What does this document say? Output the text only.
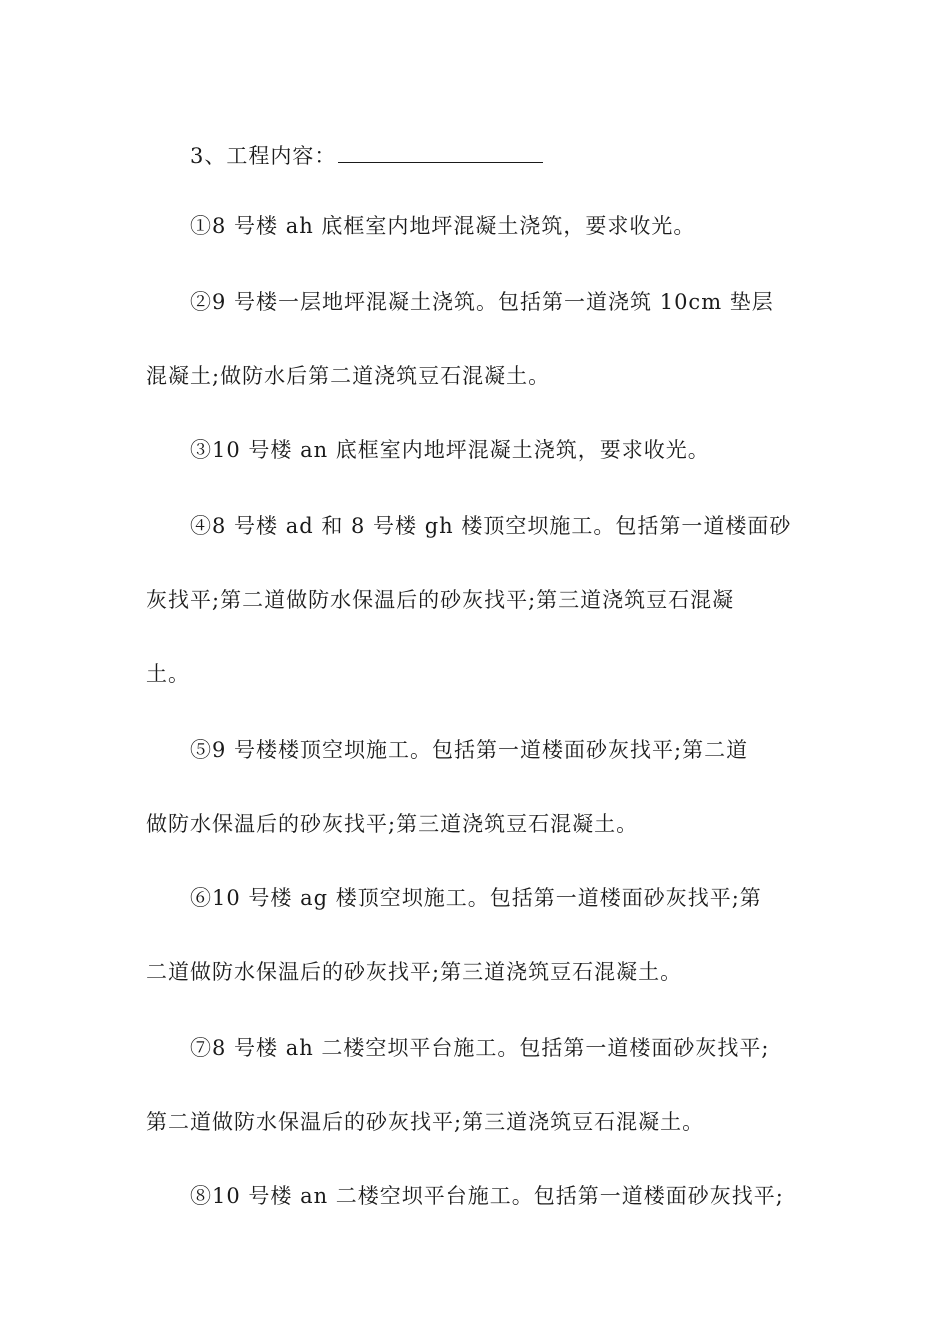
3、工程内容：
①8 号楼 ah 底框室内地坪混凝土浇筑，要求收光。
②9 号楼一层地坪混凝土浇筑。包括第一道浇筑 10cm 垫层
混凝土;做防水后第二道浇筑豆石混凝土。
③10 号楼 an 底框室内地坪混凝土浇筑，要求收光。
④8 号楼 ad 和 8 号楼 gh 楼顶空坝施工。包括第一道楼面砂
灰找平;第二道做防水保温后的砂灰找平;第三道浇筑豆石混凝
土。
⑤9 号楼楼顶空坝施工。包括第一道楼面砂灰找平;第二道
做防水保温后的砂灰找平;第三道浇筑豆石混凝土。
⑥10 号楼 ag 楼顶空坝施工。包括第一道楼面砂灰找平;第
二道做防水保温后的砂灰找平;第三道浇筑豆石混凝土。
⑦8 号楼 ah 二楼空坝平台施工。包括第一道楼面砂灰找平;
第二道做防水保温后的砂灰找平;第三道浇筑豆石混凝土。
⑧10 号楼 an 二楼空坝平台施工。包括第一道楼面砂灰找平;
